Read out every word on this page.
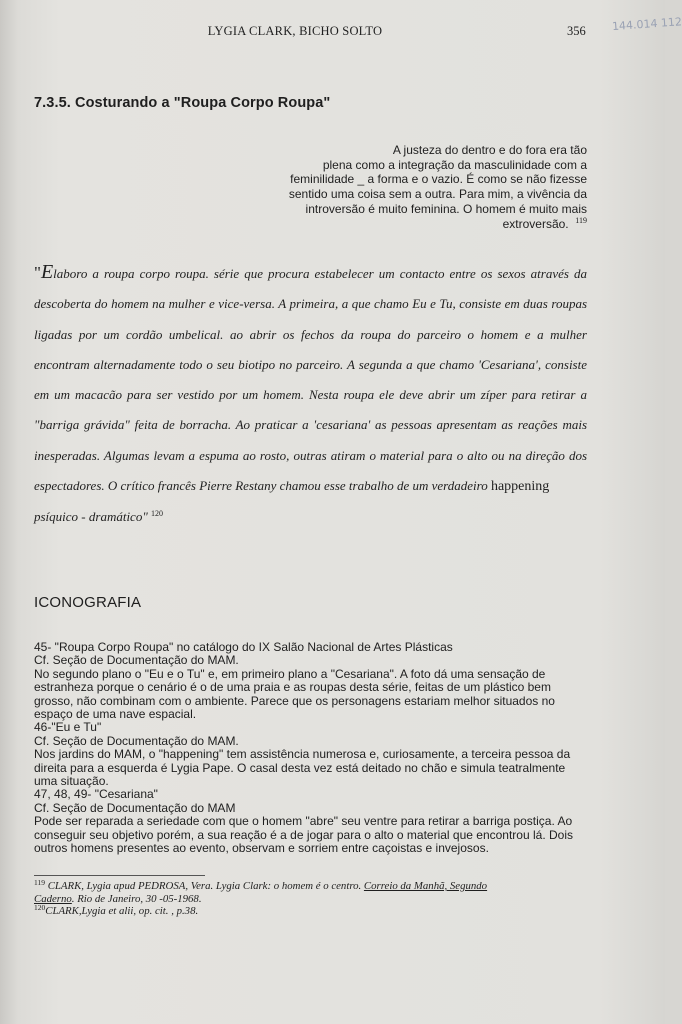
LYGIA CLARK, BICHO SOLTO	356 144.014 112
7.3.5. Costurando a "Roupa Corpo Roupa"
A justeza do dentro e do fora era tão
plena como a integração da masculinidade com a
feminilidade _ a forma e o vazio. É como se não fizesse
sentido uma coisa sem a outra. Para mim, a vivência da
introversão é muito feminina. O homem é muito mais
extroversão. $^{119}$

"Elaboro a roupa corpo roupa. série que procura estabelecer um contacto entre os sexos através da descoberta do homem na mulher e vice-versa. A primeira, a que chamo Eu e Tu, consiste em duas roupas ligadas por um cordão umbelical. ao abrir os fechos da roupa do parceiro o homem e a mulher encontram alternadamente todo o seu biotipo no parceiro. A segunda a que chamo 'Cesariana', consiste em um macacão para ser vestido por um homem. Nesta roupa ele deve abrir um zíper para retirar a "barriga grávida" feita de borracha. Ao praticar a 'cesariana' as pessoas apresentam as reações mais inesperadas. Algumas levam a espuma ao rosto, outras atiram o material para o alto ou na direção dos espectadores. O crítico francês Pierre Restany chamou esse trabalho de um verdadeiro happening
psíquico - dramático" $^{120}$

ICONOGRAFIA
45- "Roupa Corpo Roupa" no catálogo do IX Salão Nacional de Artes Plásticas
Cf. Seção de Documentação do MAM.
No segundo plano o "Eu e o Tu" e, em primeiro plano a "Cesariana". A foto dá uma sensação de
estranheza porque o cenário é o de uma praia e as roupas desta série, feitas de um plástico bem
grosso, não combinam com o ambiente. Parece que os personagens estariam melhor situados no
espaço de uma nave espacial.
46-"Eu e Tu"
Cf. Seção de Documentação do MAM.
Nos jardins do MAM, o "happening" tem assistência numerosa e, curiosamente, a terceira pessoa da
direita para a esquerda é Lygia Pape. O casal desta vez está deitado no chão e simula teatralmente
uma situação.
47, 48, 49- "Cesariana"
Cf. Seção de Documentação do MAM
Pode ser reparada a seriedade com que o homem "abre" seu ventre para retirar a barriga postiça. Ao
conseguir seu objetivo porém, a sua reação é a de jogar para o alto o material que encontrou lá. Dois
outros homens presentes ao evento, observam e sorriem entre caçoistas e invejosos.
$^{119}$ CLARK, Lygia apud PEDROSA, Vera. Lygia Clark: o homem é o centro. Correio da Manhã, Segundo
Caderno. Rio de Janeiro, 30 -05-1968.
$^{120}$CLARK,Lygia et alii, op. cit. , p.38.
